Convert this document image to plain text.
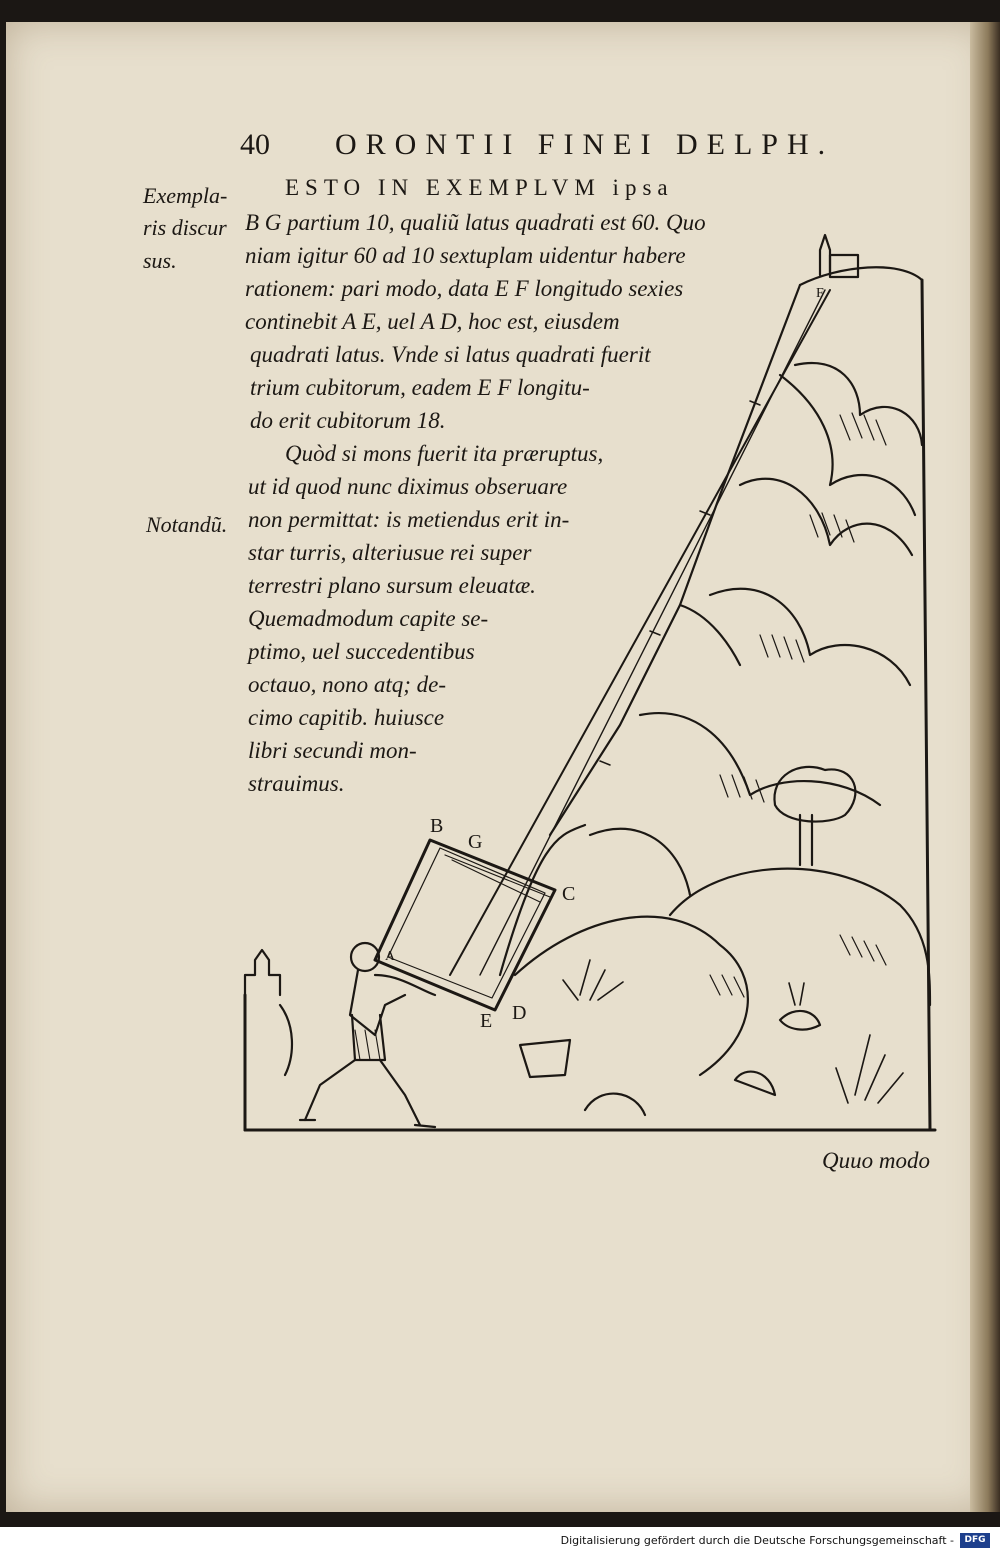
40 ORONTII FINEI DELPH.
Exempla-
ris discur
sus.
Notandũ.
ESTO IN EXEMPLVM ipsa
B G partium 10, qualiũ latus quadrati est 60. Quo
niam igitur 60 ad 10 sextuplam uidentur habere
rationem: pari modo, data E F longitudo sexies
continebit A E, uel A D, hoc est, eiusdem
quadrati latus. Vnde si latus quadrati fuerit
trium cubitorum, eadem E F longitu-
do erit cubitorum 18.
Quòd si mons fuerit ita præruptus,
ut id quod nunc diximus obseruare
non permittat: is metiendus erit in-
star turris, alteriusue rei super
terrestri plano sursum eleuatæ.
Quemadmodum capite se-
ptimo, uel succedentibus
octauo, nono atq; de-
cimo capitib. huiusce
libri secundi mon-
strauimus.
B
G
C
D
E
A
F
Quuo modo
Digitalisierung gefördert durch die Deutsche Forschungsgemeinschaft -	DFG
